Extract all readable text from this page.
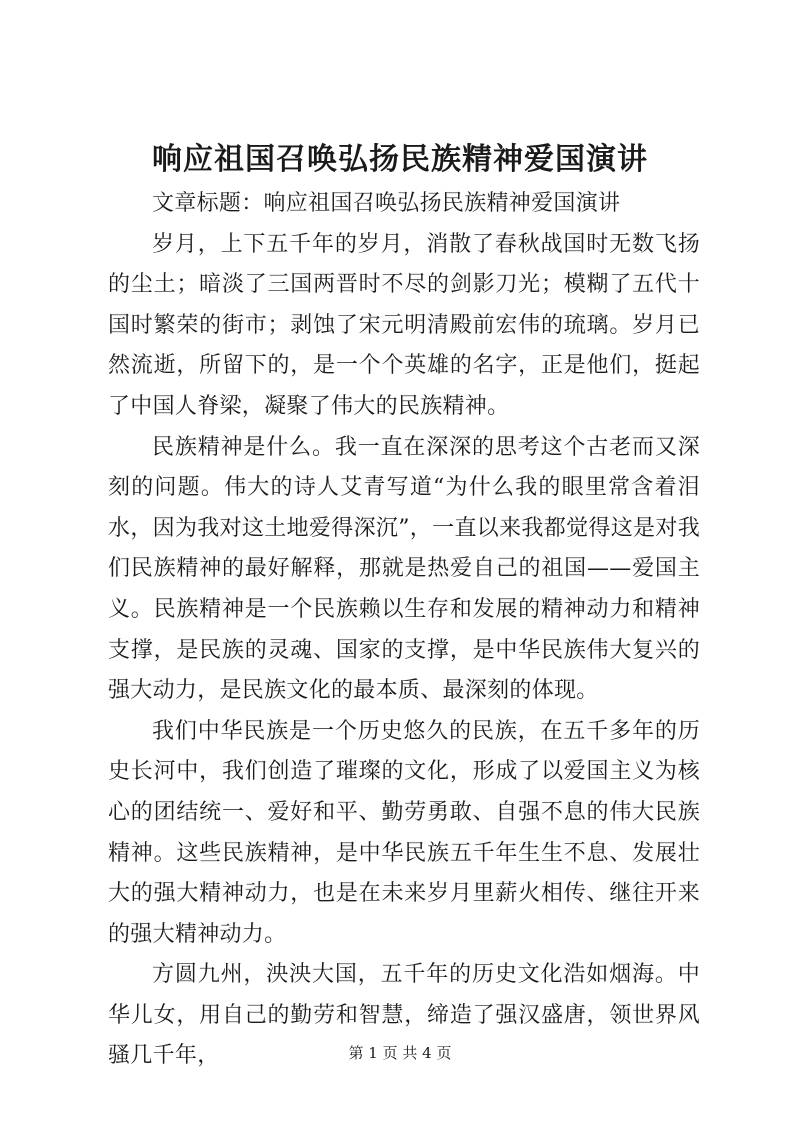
响应祖国召唤弘扬民族精神爱国演讲

文章标题：响应祖国召唤弘扬民族精神爱国演讲

岁月，上下五千年的岁月，消散了春秋战国时无数飞扬的尘土；暗淡了三国两晋时不尽的剑影刀光；模糊了五代十国时繁荣的街市；剥蚀了宋元明清殿前宏伟的琉璃。岁月已然流逝，所留下的，是一个个英雄的名字，正是他们，挺起了中国人脊梁，凝聚了伟大的民族精神。

民族精神是什么。我一直在深深的思考这个古老而又深刻的问题。伟大的诗人艾青写道“为什么我的眼里常含着泪水，因为我对这土地爱得深沉”，一直以来我都觉得这是对我们民族精神的最好解释，那就是热爱自己的祖国——爱国主义。民族精神是一个民族赖以生存和发展的精神动力和精神支撑，是民族的灵魂、国家的支撑，是中华民族伟大复兴的强大动力，是民族文化的最本质、最深刻的体现。

我们中华民族是一个历史悠久的民族，在五千多年的历史长河中，我们创造了璀璨的文化，形成了以爱国主义为核心的团结统一、爱好和平、勤劳勇敢、自强不息的伟大民族精神。这些民族精神，是中华民族五千年生生不息、发展壮大的强大精神动力，也是在未来岁月里薪火相传、继往开来的强大精神动力。

方圆九州，泱泱大国，五千年的历史文化浩如烟海。中华儿女，用自己的勤劳和智慧，缔造了强汉盛唐，领世界风骚几千年，	第 1 页 共 4 页
